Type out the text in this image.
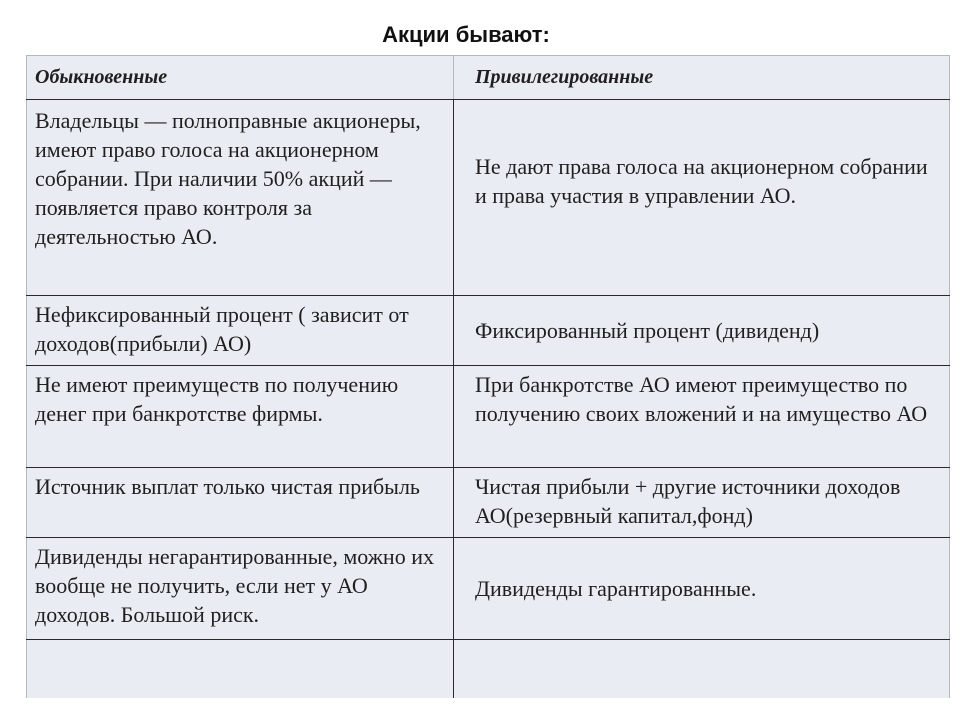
Акции бывают:
Обыкновенные	Привилегированные
Владельцы — полноправные акционеры, имеют право голоса на акционерном собрании. При наличии 50% акций — появляется право контроля за деятельностью АО.	Не дают права голоса на акционерном собрании и права участия в управлении АО.
Нефиксированный процент ( зависит от доходов(прибыли) АО)	Фиксированный процент (дивиденд)
Не имеют преимуществ по получению денег при банкротстве фирмы.	При банкротстве АО имеют преимущество по получению своих вложений и на имущество АО
Источник выплат только чистая прибыль	Чистая прибыли + другие источники доходов АО(резервный капитал,фонд)
Дивиденды негарантированные, можно их вообще не получить, если нет у АО доходов. Большой риск.	Дивиденды гарантированные.
